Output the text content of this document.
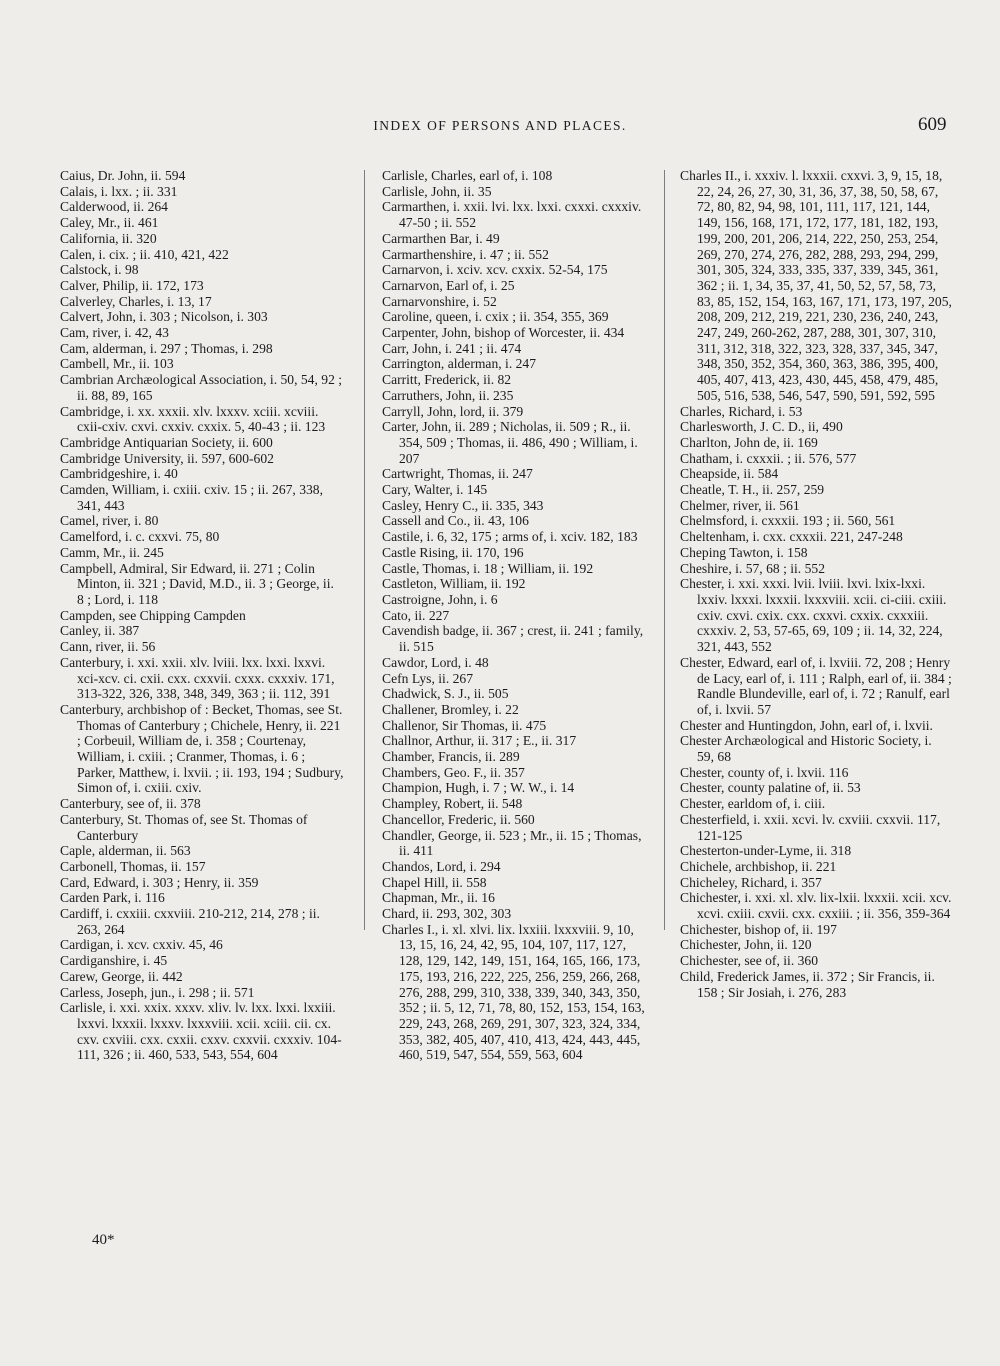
INDEX OF PERSONS AND PLACES.	609

Caius, Dr. John, ii. 594

Calais, i. lxx. ; ii. 331

Calderwood, ii. 264

Caley, Mr., ii. 461

California, ii. 320

Calen, i. cix. ; ii. 410, 421, 422

Calstock, i. 98

Calver, Philip, ii. 172, 173

Calverley, Charles, i. 13, 17

Calvert, John, i. 303 ; Nicolson, i. 303

Cam, river, i. 42, 43

Cam, alderman, i. 297 ; Thomas, i. 298

Cambell, Mr., ii. 103

Cambrian Archæological Association, i. 50, 54, 92 ; ii. 88, 89, 165

Cambridge, i. xx. xxxii. xlv. lxxxv. xciii. xcviii. cxii-cxiv. cxvi. cxxiv. cxxix. 5, 40-43 ; ii. 123

Cambridge Antiquarian Society, ii. 600

Cambridge University, ii. 597, 600-602

Cambridgeshire, i. 40

Camden, William, i. cxiii. cxiv. 15 ; ii. 267, 338, 341, 443

Camel, river, i. 80

Camelford, i. c. cxxvi. 75, 80

Camm, Mr., ii. 245

Campbell, Admiral, Sir Edward, ii. 271 ; Colin Minton, ii. 321 ; David, M.D., ii. 3 ; George, ii. 8 ; Lord, i. 118

Campden, see Chipping Campden

Canley, ii. 387

Cann, river, ii. 56

Canterbury, i. xxi. xxii. xlv. lviii. lxx. lxxi. lxxvi. xci-xcv. ci. cxii. cxx. cxxvii. cxxx. cxxxiv. 171, 313-322, 326, 338, 348, 349, 363 ; ii. 112, 391

Canterbury, archbishop of : Becket, Thomas, see St. Thomas of Canterbury ; Chichele, Henry, ii. 221 ; Corbeuil, William de, i. 358 ; Courtenay, William, i. cxiii. ; Cranmer, Thomas, i. 6 ; Parker, Matthew, i. lxvii. ; ii. 193, 194 ; Sudbury, Simon of, i. cxiii. cxiv.

Canterbury, see of, ii. 378

Canterbury, St. Thomas of, see St. Thomas of Canterbury

Caple, alderman, ii. 563

Carbonell, Thomas, ii. 157

Card, Edward, i. 303 ; Henry, ii. 359

Carden Park, i. 116

Cardiff, i. cxxiii. cxxviii. 210-212, 214, 278 ; ii. 263, 264

Cardigan, i. xcv. cxxiv. 45, 46

Cardiganshire, i. 45

Carew, George, ii. 442

Carless, Joseph, jun., i. 298 ; ii. 571

Carlisle, i. xxi. xxix. xxxv. xliv. lv. lxx. lxxi. lxxiii. lxxvi. lxxxii. lxxxv. lxxxviii. xcii. xciii. cii. cx. cxv. cxviii. cxx. cxxii. cxxv. cxxvii. cxxxiv. 104-111, 326 ; ii. 460, 533, 543, 554, 604

Carlisle, Charles, earl of, i. 108

Carlisle, John, ii. 35

Carmarthen, i. xxii. lvi. lxx. lxxi. cxxxi. cxxxiv. 47-50 ; ii. 552

Carmarthen Bar, i. 49

Carmarthenshire, i. 47 ; ii. 552

Carnarvon, i. xciv. xcv. cxxix. 52-54, 175

Carnarvon, Earl of, i. 25

Carnarvonshire, i. 52

Caroline, queen, i. cxix ; ii. 354, 355, 369

Carpenter, John, bishop of Worcester, ii. 434

Carr, John, i. 241 ; ii. 474

Carrington, alderman, i. 247

Carritt, Frederick, ii. 82

Carruthers, John, ii. 235

Carryll, John, lord, ii. 379

Carter, John, ii. 289 ; Nicholas, ii. 509 ; R., ii. 354, 509 ; Thomas, ii. 486, 490 ; William, i. 207

Cartwright, Thomas, ii. 247

Cary, Walter, i. 145

Casley, Henry C., ii. 335, 343

Cassell and Co., ii. 43, 106

Castile, i. 6, 32, 175 ; arms of, i. xciv. 182, 183

Castle Rising, ii. 170, 196

Castle, Thomas, i. 18 ; William, ii. 192

Castleton, William, ii. 192

Castroigne, John, i. 6

Cato, ii. 227

Cavendish badge, ii. 367 ; crest, ii. 241 ; family, ii. 515

Cawdor, Lord, i. 48

Cefn Lys, ii. 267

Chadwick, S. J., ii. 505

Challener, Bromley, i. 22

Challenor, Sir Thomas, ii. 475

Challnor, Arthur, ii. 317 ; E., ii. 317

Chamber, Francis, ii. 289

Chambers, Geo. F., ii. 357

Champion, Hugh, i. 7 ; W. W., i. 14

Champley, Robert, ii. 548

Chancellor, Frederic, ii. 560

Chandler, George, ii. 523 ; Mr., ii. 15 ; Thomas, ii. 411

Chandos, Lord, i. 294

Chapel Hill, ii. 558

Chapman, Mr., ii. 16

Chard, ii. 293, 302, 303

Charles I., i. xl. xlvi. lix. lxxiii. lxxxviii. 9, 10, 13, 15, 16, 24, 42, 95, 104, 107, 117, 127, 128, 129, 142, 149, 151, 164, 165, 166, 173, 175, 193, 216, 222, 225, 256, 259, 266, 268, 276, 288, 299, 310, 338, 339, 340, 343, 350, 352 ; ii. 5, 12, 71, 78, 80, 152, 153, 154, 163, 229, 243, 268, 269, 291, 307, 323, 324, 334, 353, 382, 405, 407, 410, 413, 424, 443, 445, 460, 519, 547, 554, 559, 563, 604

Charles II., i. xxxiv. l. lxxxii. cxxvi. 3, 9, 15, 18, 22, 24, 26, 27, 30, 31, 36, 37, 38, 50, 58, 67, 72, 80, 82, 94, 98, 101, 111, 117, 121, 144, 149, 156, 168, 171, 172, 177, 181, 182, 193, 199, 200, 201, 206, 214, 222, 250, 253, 254, 269, 270, 274, 276, 282, 288, 293, 294, 299, 301, 305, 324, 333, 335, 337, 339, 345, 361, 362 ; ii. 1, 34, 35, 37, 41, 50, 52, 57, 58, 73, 83, 85, 152, 154, 163, 167, 171, 173, 197, 205, 208, 209, 212, 219, 221, 230, 236, 240, 243, 247, 249, 260-262, 287, 288, 301, 307, 310, 311, 312, 318, 322, 323, 328, 337, 345, 347, 348, 350, 352, 354, 360, 363, 386, 395, 400, 405, 407, 413, 423, 430, 445, 458, 479, 485, 505, 516, 538, 546, 547, 590, 591, 592, 595

Charles, Richard, i. 53

Charlesworth, J. C. D., ii, 490

Charlton, John de, ii. 169

Chatham, i. cxxxii. ; ii. 576, 577

Cheapside, ii. 584

Cheatle, T. H., ii. 257, 259

Chelmer, river, ii. 561

Chelmsford, i. cxxxii. 193 ; ii. 560, 561

Cheltenham, i. cxx. cxxxii. 221, 247-248

Cheping Tawton, i. 158

Cheshire, i. 57, 68 ; ii. 552

Chester, i. xxi. xxxi. lvii. lviii. lxvi. lxix-lxxi. lxxiv. lxxxi. lxxxii. lxxxviii. xcii. ci-ciii. cxiii. cxiv. cxvi. cxix. cxx. cxxvi. cxxix. cxxxiii. cxxxiv. 2, 53, 57-65, 69, 109 ; ii. 14, 32, 224, 321, 443, 552

Chester, Edward, earl of, i. lxviii. 72, 208 ; Henry de Lacy, earl of, i. 111 ; Ralph, earl of, ii. 384 ; Randle Blundeville, earl of, i. 72 ; Ranulf, earl of, i. lxvii. 57

Chester and Huntingdon, John, earl of, i. lxvii.

Chester Archæological and Historic Society, i. 59, 68

Chester, county of, i. lxvii. 116

Chester, county palatine of, ii. 53

Chester, earldom of, i. ciii.

Chesterfield, i. xxii. xcvi. lv. cxviii. cxxvii. 117, 121-125

Chesterton-under-Lyme, ii. 318

Chichele, archbishop, ii. 221

Chicheley, Richard, i. 357

Chichester, i. xxi. xl. xlv. lix-lxii. lxxxii. xcii. xcv. xcvi. cxiii. cxvii. cxx. cxxiii. ; ii. 356, 359-364

Chichester, bishop of, ii. 197

Chichester, John, ii. 120

Chichester, see of, ii. 360

Child, Frederick James, ii. 372 ; Sir Francis, ii. 158 ; Sir Josiah, i. 276, 283

40*
